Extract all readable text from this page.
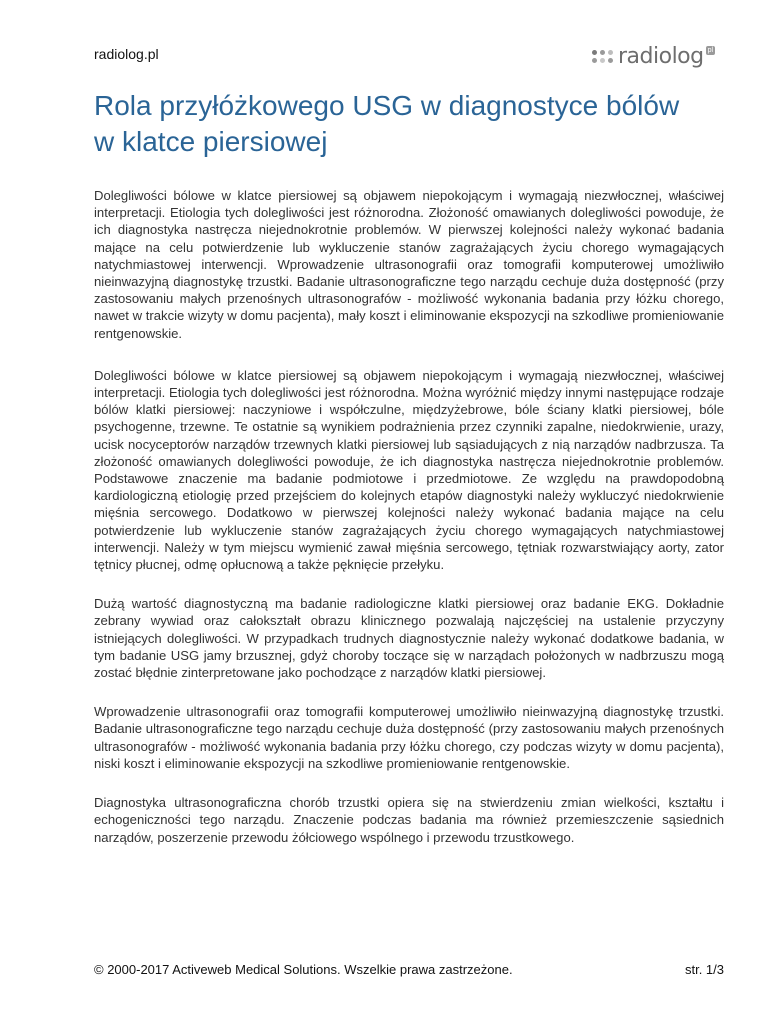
radiolog.pl	radiolog pl
Rola przyłóżkowego USG w diagnostyce bólów w klatce piersiowej

Dolegliwości bólowe w klatce piersiowej są objawem niepokojącym i wymagają niezwłocznej, właściwej interpretacji. Etiologia tych dolegliwości jest różnorodna. Złożoność omawianych dolegliwości powoduje, że ich diagnostyka nastręcza niejednokrotnie problemów. W pierwszej kolejności należy wykonać badania mające na celu potwierdzenie lub wykluczenie stanów zagrażających życiu chorego wymagających natychmiastowej interwencji. Wprowadzenie ultrasonografii oraz tomografii komputerowej umożliwiło nieinwazyjną diagnostykę trzustki. Badanie ultrasonograficzne tego narządu cechuje duża dostępność (przy zastosowaniu małych przenośnych ultrasonografów - możliwość wykonania badania przy łóżku chorego, nawet w trakcie wizyty w domu pacjenta), mały koszt i eliminowanie ekspozycji na szkodliwe promieniowanie rentgenowskie.

Dolegliwości bólowe w klatce piersiowej są objawem niepokojącym i wymagają niezwłocznej, właściwej interpretacji. Etiologia tych dolegliwości jest różnorodna. Można wyróżnić między innymi następujące rodzaje bólów klatki piersiowej: naczyniowe i współczulne, międzyżebrowe, bóle ściany klatki piersiowej, bóle psychogenne, trzewne. Te ostatnie są wynikiem podrażnienia przez czynniki zapalne, niedokrwienie, urazy, ucisk nocyceptorów narządów trzewnych klatki piersiowej lub sąsiadujących z nią narządów nadbrzusza. Ta złożoność omawianych dolegliwości powoduje, że ich diagnostyka nastręcza niejednokrotnie problemów. Podstawowe znaczenie ma badanie podmiotowe i przedmiotowe. Ze względu na prawdopodobną kardiologiczną etiologię przed przejściem do kolejnych etapów diagnostyki należy wykluczyć niedokrwienie mięśnia sercowego. Dodatkowo w pierwszej kolejności należy wykonać badania mające na celu potwierdzenie lub wykluczenie stanów zagrażających życiu chorego wymagających natychmiastowej interwencji. Należy w tym miejscu wymienić zawał mięśnia sercowego, tętniak rozwarstwiający aorty, zator tętnicy płucnej, odmę opłucnową a także pęknięcie przełyku.

Dużą wartość diagnostyczną ma badanie radiologiczne klatki piersiowej oraz badanie EKG. Dokładnie zebrany wywiad oraz całokształt obrazu klinicznego pozwalają najczęściej na ustalenie przyczyny istniejących dolegliwości. W przypadkach trudnych diagnostycznie należy wykonać dodatkowe badania, w tym badanie USG jamy brzusznej, gdyż choroby toczące się w narządach położonych w nadbrzuszu mogą zostać błędnie zinterpretowane jako pochodzące z narządów klatki piersiowej.

Wprowadzenie ultrasonografii oraz tomografii komputerowej umożliwiło nieinwazyjną diagnostykę trzustki. Badanie ultrasonograficzne tego narządu cechuje duża dostępność (przy zastosowaniu małych przenośnych ultrasonografów - możliwość wykonania badania przy łóżku chorego, czy podczas wizyty w domu pacjenta), niski koszt i eliminowanie ekspozycji na szkodliwe promieniowanie rentgenowskie.

Diagnostyka ultrasonograficzna chorób trzustki opiera się na stwierdzeniu zmian wielkości, kształtu i echogeniczności tego narządu. Znaczenie podczas badania ma również przemieszczenie sąsiednich narządów, poszerzenie przewodu żółciowego wspólnego i przewodu trzustkowego.

© 2000-2017 Activeweb Medical Solutions. Wszelkie prawa zastrzeżone.	str. 1/3
